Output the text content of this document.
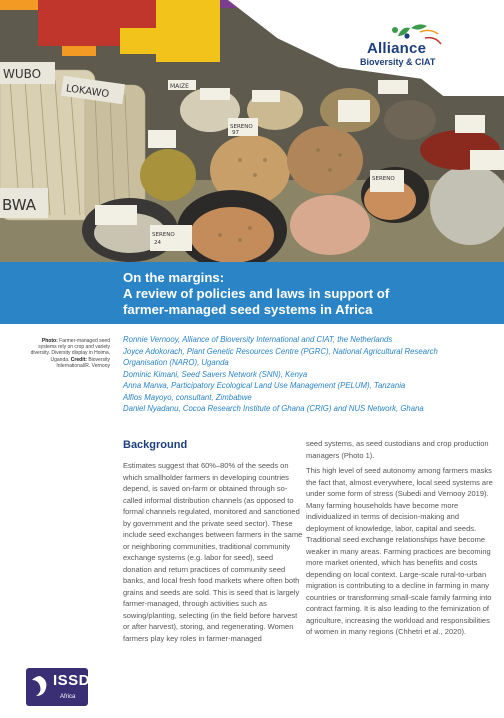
WUBO
LOKAWO
BWA
MAIZE
SERENO
97
SERENO
SERENO
24
Alliance
Bioversity & CIAT
On the margins:
A review of policies and laws in support of
farmer-managed seed systems in Africa
Photo: Farmer-managed seed systems rely on crop and variety diversity. Diversity display in Hoima, Uganda. Credit: Bioversity International/R. Vernooy
Ronnie Vernooy, Alliance of Bioversity International and CIAT, the Netherlands
Joyce Adokorach, Plant Genetic Resources Centre (PGRC), National Agricultural Research
Organisation (NARO), Uganda
Dominic Kimani, Seed Savers Network (SNN), Kenya
Anna Marwa, Participatory Ecological Land Use Management (PELUM), Tanzania
Alfios Mayoyo, consultant, Zimbabwe
Daniel Nyadanu, Cocoa Research Institute of Ghana (CRIG) and NUS Network, Ghana
Background

Estimates suggest that 60%–80% of the seeds on which smallholder farmers in developing countries depend, is saved on-farm or obtained through so-called informal distribution channels (as opposed to formal channels regulated, monitored and sanctioned by government and the private seed sector). These include seed exchanges between farmers in the same or neighboring communities, traditional community exchange systems (e.g. labor for seed), seed donation and return practices of community seed banks, and local fresh food markets where often both grains and seeds are sold. This is seed that is largely farmer-managed, through activities such as sowing/planting, selecting (in the field before harvest or after harvest), storing, and regenerating. Women farmers play key roles in farmer-managed

seed systems, as seed custodians and crop production managers (Photo 1).

This high level of seed autonomy among farmers masks the fact that, almost everywhere, local seed systems are under some form of stress (Subedi and Vernooy 2019). Many farming households have become more individualized in terms of decision-making and deployment of knowledge, labor, capital and seeds. Traditional seed exchange relationships have become weaker in many areas. Farming practices are becoming more market oriented, which has benefits and costs depending on local context. Large-scale rural-to-urban migration is contributing to a decline in farming in many countries or transforming small-scale family farming into contract farming. It is also leading to the feminization of agriculture, increasing the workload and responsibilities of women in many regions (Chhetri et al., 2020).

ISSD
Africa
